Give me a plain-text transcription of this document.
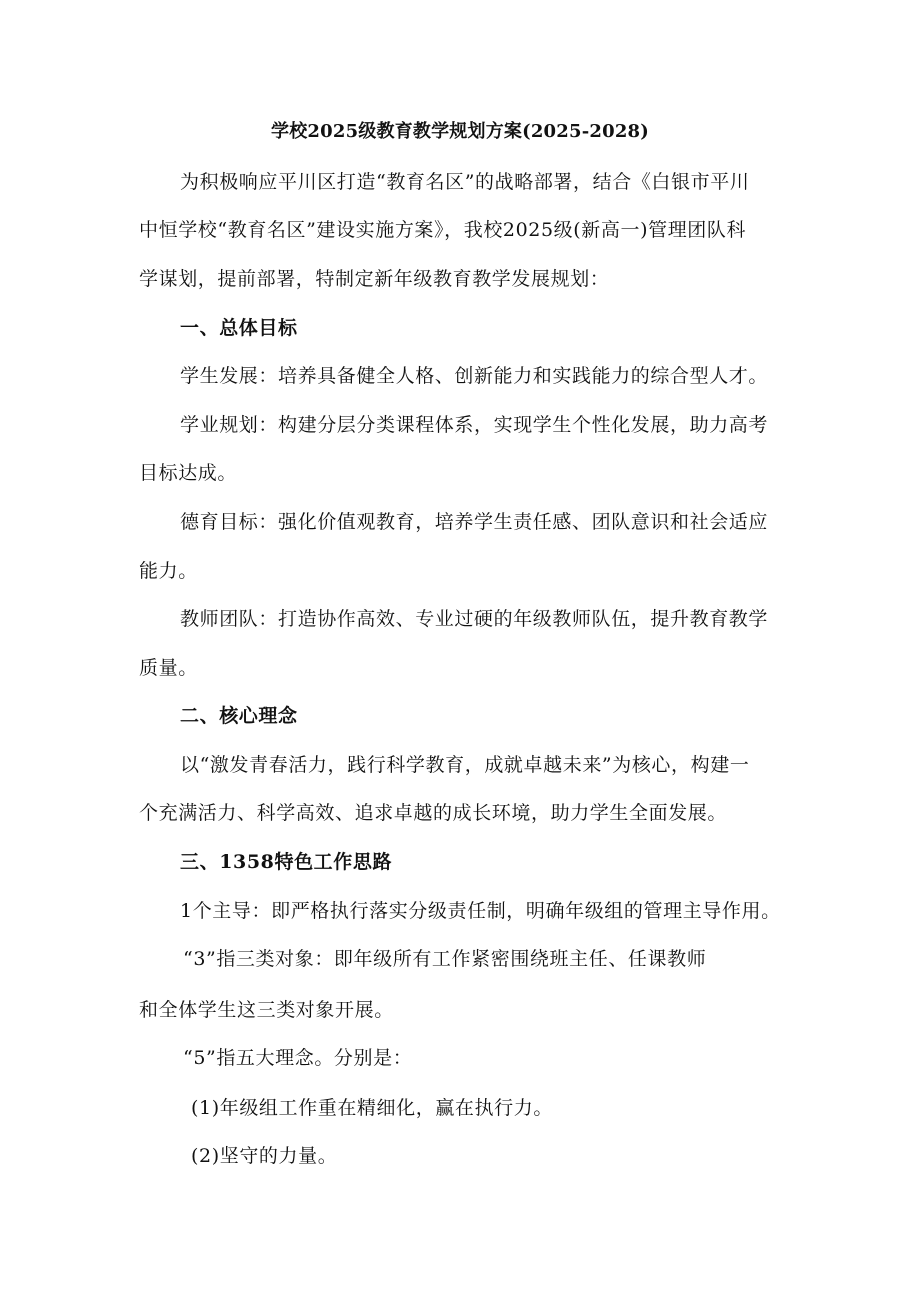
学校2025级教育教学规划方案(2025-2028)
为积极响应平川区打造“教育名区”的战略部署，结合《白银市平川
中恒学校“教育名区”建设实施方案》，我校2025级(新高一)管理团队科
学谋划，提前部署，特制定新年级教育教学发展规划：
一、总体目标
学生发展：培养具备健全人格、创新能力和实践能力的综合型人才。
学业规划：构建分层分类课程体系，实现学生个性化发展，助力高考
目标达成。
德育目标：强化价值观教育，培养学生责任感、团队意识和社会适应
能力。
教师团队：打造协作高效、专业过硬的年级教师队伍，提升教育教学
质量。
二、核心理念
以“激发青春活力，践行科学教育，成就卓越未来”为核心，构建一
个充满活力、科学高效、追求卓越的成长环境，助力学生全面发展。
三、1358特色工作思路
1个主导：即严格执行落实分级责任制，明确年级组的管理主导作用。
“3”指三类对象：即年级所有工作紧密围绕班主任、任课教师
和全体学生这三类对象开展。
“5”指五大理念。分别是：
(1)年级组工作重在精细化，赢在执行力。
(2)坚守的力量。
